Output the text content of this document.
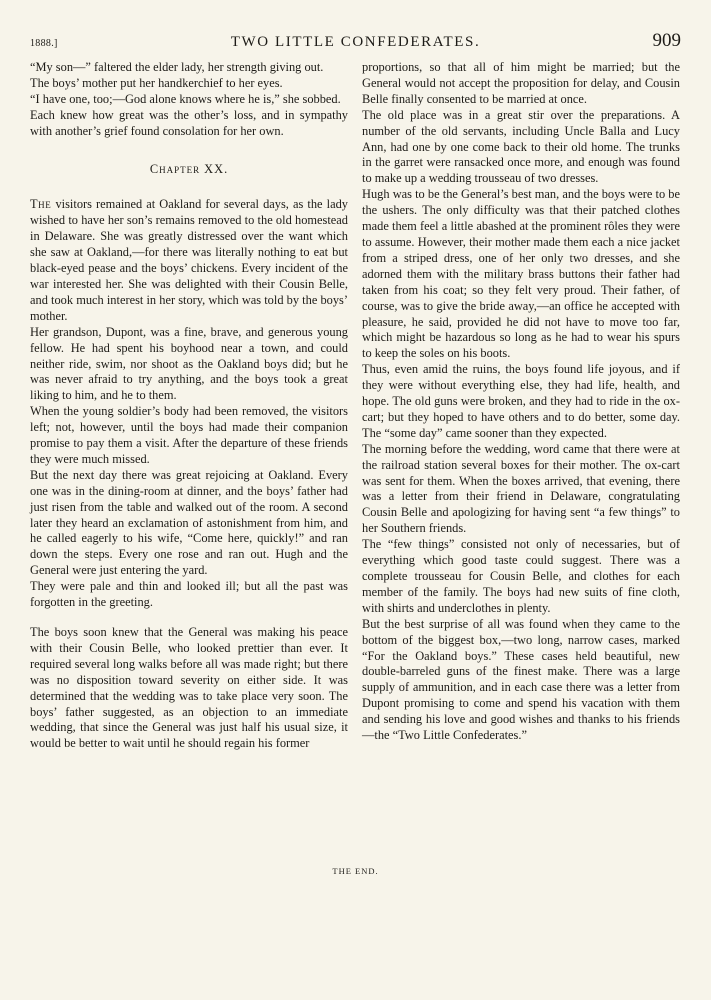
1888.]	TWO LITTLE CONFEDERATES.	909

“My son—” faltered the elder lady, her strength giving out.

The boys’ mother put her handkerchief to her eyes.

“I have one, too;—God alone knows where he is,” she sobbed.

Each knew how great was the other’s loss, and in sympathy with another’s grief found consolation for her own.

Chapter XX.

The visitors remained at Oakland for several days, as the lady wished to have her son’s remains removed to the old homestead in Delaware. She was greatly distressed over the want which she saw at Oakland,—for there was literally nothing to eat but black-eyed pease and the boys’ chickens. Every incident of the war interested her. She was delighted with their Cousin Belle, and took much interest in her story, which was told by the boys’ mother.

Her grandson, Dupont, was a fine, brave, and generous young fellow. He had spent his boyhood near a town, and could neither ride, swim, nor shoot as the Oakland boys did; but he was never afraid to try anything, and the boys took a great liking to him, and he to them.

When the young soldier’s body had been removed, the visitors left; not, however, until the boys had made their companion promise to pay them a visit. After the departure of these friends they were much missed.

But the next day there was great rejoicing at Oakland. Every one was in the dining-room at dinner, and the boys’ father had just risen from the table and walked out of the room. A second later they heard an exclamation of astonishment from him, and he called eagerly to his wife, “Come here, quickly!” and ran down the steps. Every one rose and ran out. Hugh and the General were just entering the yard.

They were pale and thin and looked ill; but all the past was forgotten in the greeting.

The boys soon knew that the General was making his peace with their Cousin Belle, who looked prettier than ever. It required several long walks before all was made right; but there was no disposition toward severity on either side. It was determined that the wedding was to take place very soon. The boys’ father suggested, as an objection to an immediate wedding, that since the General was just half his usual size, it would be better to wait until he should regain his former

proportions, so that all of him might be married; but the General would not accept the proposition for delay, and Cousin Belle finally consented to be married at once.

The old place was in a great stir over the preparations. A number of the old servants, including Uncle Balla and Lucy Ann, had one by one come back to their old home. The trunks in the garret were ransacked once more, and enough was found to make up a wedding trousseau of two dresses.

Hugh was to be the General’s best man, and the boys were to be the ushers. The only difficulty was that their patched clothes made them feel a little abashed at the prominent rôles they were to assume. However, their mother made them each a nice jacket from a striped dress, one of her only two dresses, and she adorned them with the military brass buttons their father had taken from his coat; so they felt very proud. Their father, of course, was to give the bride away,—an office he accepted with pleasure, he said, provided he did not have to move too far, which might be hazardous so long as he had to wear his spurs to keep the soles on his boots.

Thus, even amid the ruins, the boys found life joyous, and if they were without everything else, they had life, health, and hope. The old guns were broken, and they had to ride in the ox-cart; but they hoped to have others and to do better, some day. The “some day” came sooner than they expected.

The morning before the wedding, word came that there were at the railroad station several boxes for their mother. The ox-cart was sent for them. When the boxes arrived, that evening, there was a letter from their friend in Delaware, congratulating Cousin Belle and apologizing for having sent “a few things” to her Southern friends.

The “few things” consisted not only of necessaries, but of everything which good taste could suggest. There was a complete trousseau for Cousin Belle, and clothes for each member of the family. The boys had new suits of fine cloth, with shirts and underclothes in plenty.

But the best surprise of all was found when they came to the bottom of the biggest box,—two long, narrow cases, marked “For the Oakland boys.” These cases held beautiful, new double-barreled guns of the finest make. There was a large supply of ammunition, and in each case there was a letter from Dupont promising to come and spend his vacation with them and sending his love and good wishes and thanks to his friends—the “Two Little Confederates.”

THE END.
